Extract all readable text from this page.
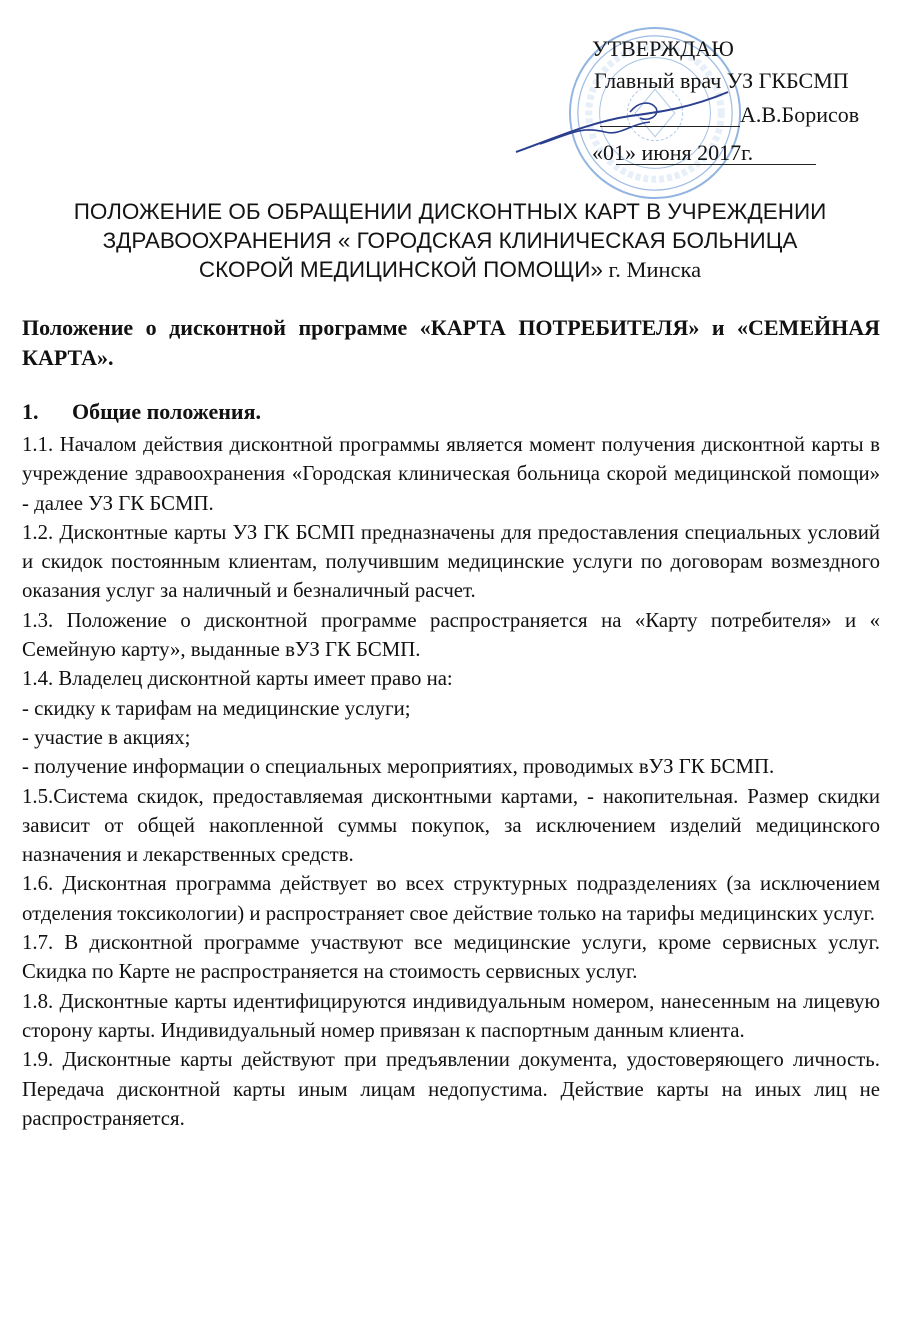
УТВЕРЖДАЮ
Главный врач УЗ ГКБСМП
А.В.Борисов
«01» июня 2017г.
ПОЛОЖЕНИЕ ОБ ОБРАЩЕНИИ ДИСКОНТНЫХ КАРТ В УЧРЕЖДЕНИИ
ЗДРАВООХРАНЕНИЯ « ГОРОДСКАЯ КЛИНИЧЕСКАЯ БОЛЬНИЦА
СКОРОЙ МЕДИЦИНСКОЙ ПОМОЩИ» г. Минска
Положение о дисконтной программе «КАРТА ПОТРЕБИТЕЛЯ» и «СЕМЕЙНАЯ КАРТА».
1. Общие положения.

1.1. Началом действия дисконтной программы является момент получения дисконтной карты в учреждение здравоохранения «Городская клиническая больница скорой медицинской помощи» - далее УЗ ГК БСМП.

1.2. Дисконтные карты УЗ ГК БСМП предназначены для предоставления специальных условий и скидок постоянным клиентам, получившим медицинские услуги по договорам возмездного оказания услуг за наличный и безналичный расчет.

1.3. Положение о дисконтной программе распространяется на «Карту потребителя» и « Семейную карту», выданные вУЗ ГК БСМП.

1.4. Владелец дисконтной карты имеет право на:

- скидку к тарифам на медицинские услуги;

- участие в акциях;

- получение информации о специальных мероприятиях, проводимых вУЗ ГК БСМП.

1.5.Система скидок, предоставляемая дисконтными картами, - накопительная. Размер скидки зависит от общей накопленной суммы покупок, за исключением изделий медицинского назначения и лекарственных средств.

1.6. Дисконтная программа действует во всех структурных подразделениях (за исключением отделения токсикологии) и распространяет свое действие только на тарифы медицинских услуг.

1.7. В дисконтной программе участвуют все медицинские услуги, кроме сервисных услуг. Скидка по Карте не распространяется на стоимость сервисных услуг.

1.8. Дисконтные карты идентифицируются индивидуальным номером, нанесенным на лицевую сторону карты. Индивидуальный номер привязан к паспортным данным клиента.

1.9. Дисконтные карты действуют при предъявлении документа, удостоверяющего личность. Передача дисконтной карты иным лицам недопустима. Действие карты на иных лиц не распространяется.
